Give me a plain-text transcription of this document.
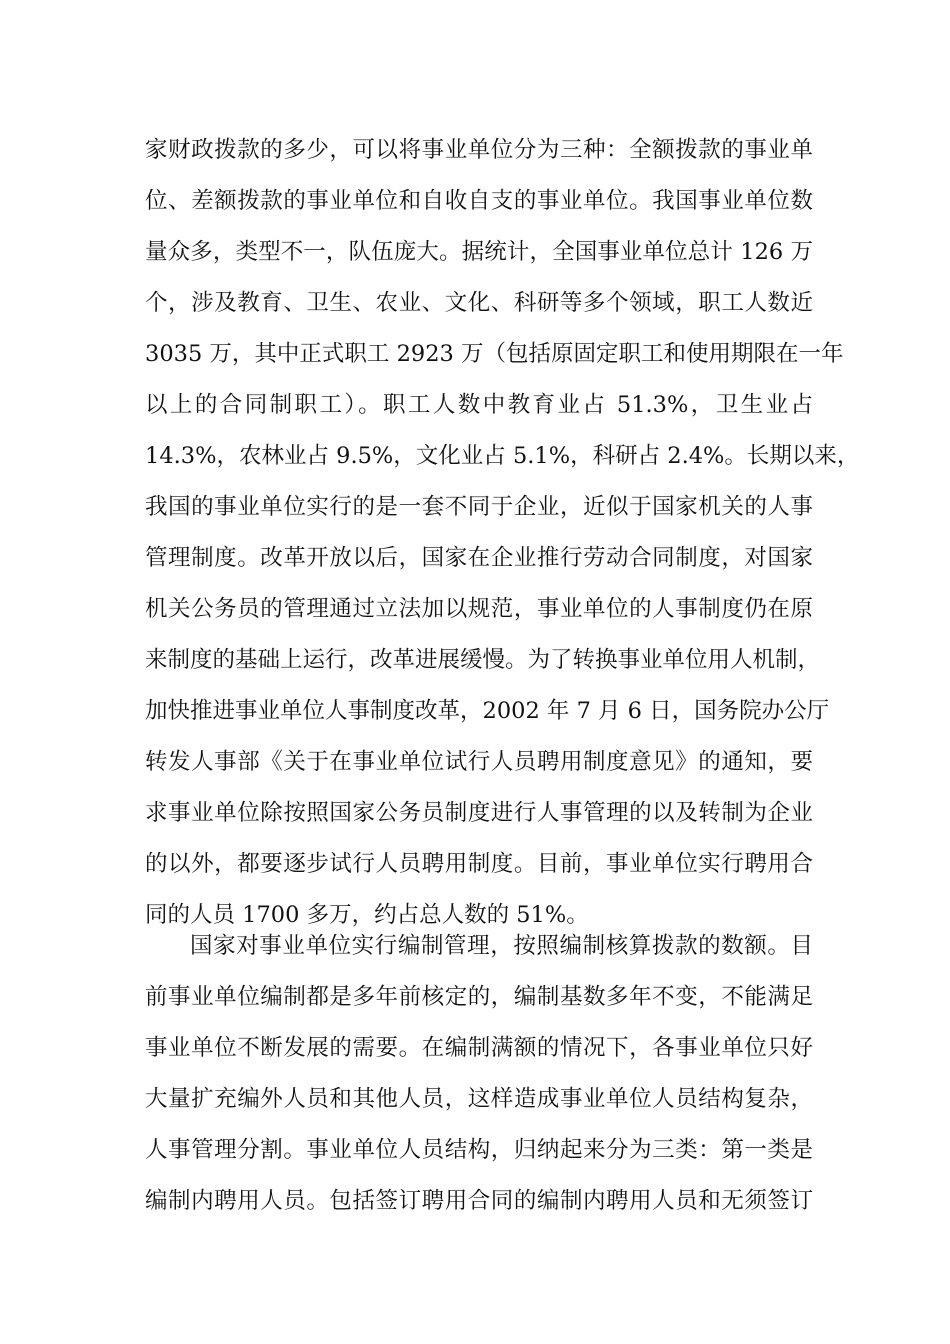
家财政拨款的多少，可以将事业单位分为三种：全额拨款的事业单
位、差额拨款的事业单位和自收自支的事业单位。我国事业单位数
量众多，类型不一，队伍庞大。据统计，全国事业单位总计 126 万
个，涉及教育、卫生、农业、文化、科研等多个领域，职工人数近
3035 万，其中正式职工 2923 万（包括原固定职工和使用期限在一年
以上的合同制职工）。职工人数中教育业占 51.3%，卫生业占
14.3%，农林业占 9.5%，文化业占 5.1%，科研占 2.4%。长期以来，
我国的事业单位实行的是一套不同于企业，近似于国家机关的人事
管理制度。改革开放以后，国家在企业推行劳动合同制度，对国家
机关公务员的管理通过立法加以规范，事业单位的人事制度仍在原
来制度的基础上运行，改革进展缓慢。为了转换事业单位用人机制，
加快推进事业单位人事制度改革，2002 年 7 月 6 日，国务院办公厅
转发人事部《关于在事业单位试行人员聘用制度意见》的通知，要
求事业单位除按照国家公务员制度进行人事管理的以及转制为企业
的以外，都要逐步试行人员聘用制度。目前，事业单位实行聘用合
同的人员 1700 多万，约占总人数的 51%。
国家对事业单位实行编制管理，按照编制核算拨款的数额。目
前事业单位编制都是多年前核定的，编制基数多年不变，不能满足
事业单位不断发展的需要。在编制满额的情况下，各事业单位只好
大量扩充编外人员和其他人员，这样造成事业单位人员结构复杂，
人事管理分割。事业单位人员结构，归纳起来分为三类：第一类是
编制内聘用人员。包括签订聘用合同的编制内聘用人员和无须签订
